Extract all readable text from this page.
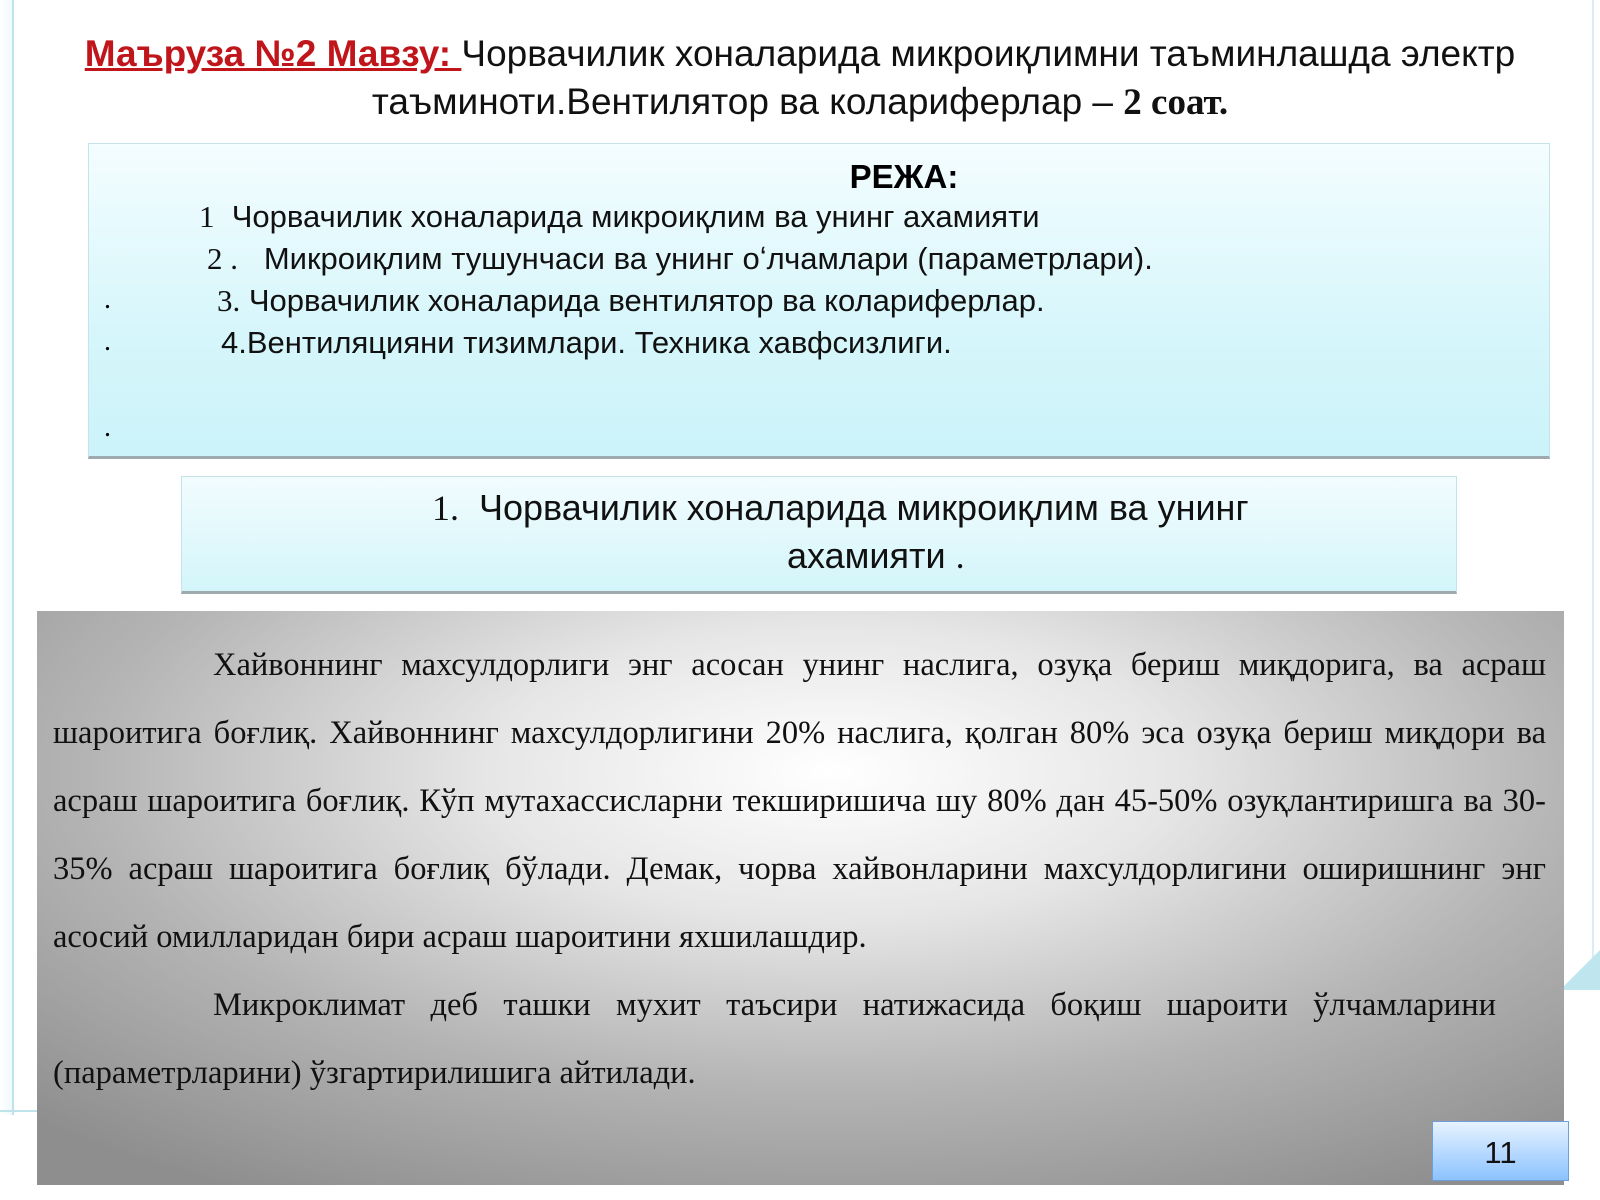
Маъруза №2 Мавзу: Чорвачилик хоналарида микроиқлимни таъминлашда электр таъминоти.Вентилятор ва колариферлар – 2 соат.
РЕЖА:
1 Чорвачилик хоналарида микроиқлим ва унинг ахамияти
2 . Микроиқлим тушунчаси ва унинг оʻлчамлари (параметрлари).
3. Чорвачилик хоналарида вентилятор ва колариферлар.
4.Вентиляцияни тизимлари. Техника хавфсизлиги.
.
.
.
1. Чорвачилик хоналарида микроиқлим ва унинг
ахамияти .

Хайвоннинг махсулдорлиги энг асосан унинг наслига, озуқа бериш миқдорига, ва асраш шароитига боғлиқ. Хайвоннинг махсулдорлигини 20% наслига, қолган 80% эса озуқа бериш миқдори ва асраш шароитига боғлиқ. Кўп мутахассисларни текширишича шу 80% дан 45-50% озуқлантиришга ва 30-35% асраш шароитига боғлиқ бўлади. Демак, чорва хайвонларини махсулдорлигини оширишнинг энг асосий омилларидан бири асраш шароитини яхшилашдир.

Микроклимат деб ташки мухит таъсири натижасида боқиш шароити ўлчамларини (параметрларини) ўзгартирилишига айтилади.

11
